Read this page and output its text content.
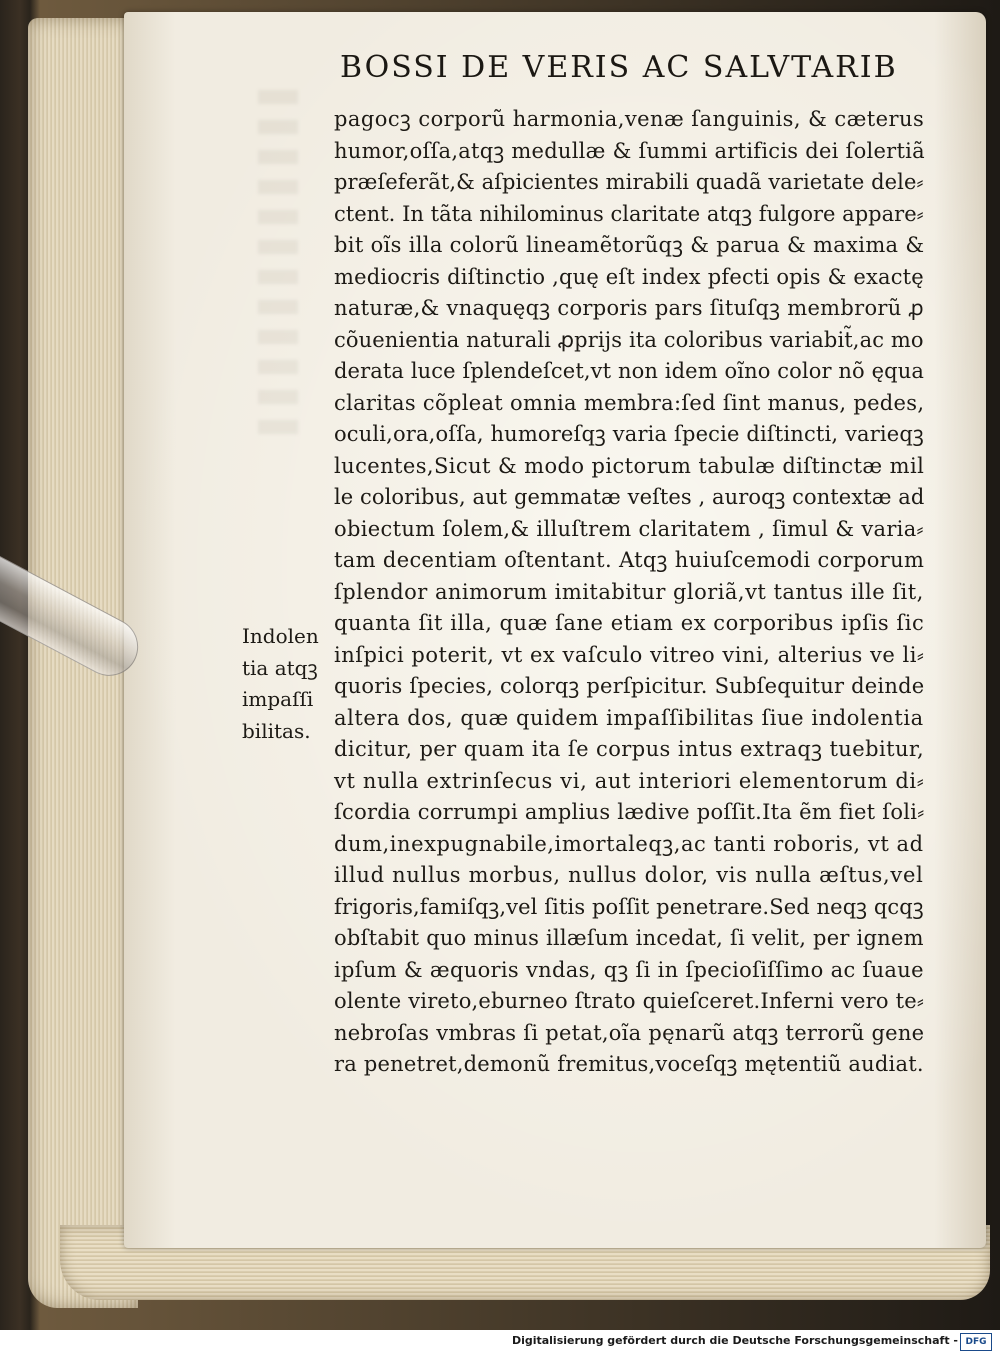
BOSSI DE VERIS AC SALVTARIB
pagocꝫ corporũ harmonia,venæ ſanguinis, & cæterus
humor,oſſa,atqꝫ medullæ & ſummi artificis dei ſolertiã
præſeferãt,& aſpicientes mirabili quadã varietate dele⸗
ctent. In tãta nihilominus claritate atqꝫ fulgore appare⸗
bit oĩs illa colorũ lineamẽtorũqꝫ & parua & maxima &
mediocris diſtinctio ,quę eſt index pfecti opis & exactę
naturæ,& vnaquęqꝫ corporis pars ſituſqꝫ membrorũ ꝓ
cõuenientia naturali ꝓprijs ita coloribus variabit̃,ac mo
derata luce ſplendeſcet,vt non idem oĩno color nõ ęqua
claritas cõpleat omnia membra:ſed ſint manus, pedes,
oculi,ora,oſſa, humoreſqꝫ varia ſpecie diſtincti, varieqꝫ
lucentes,Sicut & modo pictorum tabulæ diſtinctæ mil
le coloribus, aut gemmatæ veſtes , auroqꝫ contextæ ad
obiectum ſolem,& illuſtrem claritatem , ſimul & varia⸗
tam decentiam oſtentant. Atqꝫ huiuſcemodi corporum
ſplendor animorum imitabitur gloriã,vt tantus ille ſit,
quanta ſit illa, quæ ſane etiam ex corporibus ipſis ſic
inſpici poterit, vt ex vaſculo vitreo vini, alterius ve li⸗
quoris ſpecies, colorqꝫ perſpicitur. Subſequitur deinde
altera dos, quæ quidem impaſſibilitas ſiue indolentia
dicitur, per quam ita ſe corpus intus extraqꝫ tuebitur,
vt nulla extrinſecus vi, aut interiori elementorum di⸗
ſcordia corrumpi amplius lædive poſſit.Ita ẽm fiet ſoli⸗
dum,inexpugnabile,imortaleqꝫ,ac tanti roboris, vt ad
illud nullus morbus, nullus dolor, vis nulla æſtus,vel
frigoris,famiſqꝫ,vel ſitis poſſit penetrare.Sed neqꝫ qcqꝫ
obſtabit quo minus illæſum incedat, ſi velit, per ignem
ipſum & æquoris vndas, qꝫ ſi in ſpecioſiſſimo ac ſuaue
olente vireto,eburneo ſtrato quieſceret.Inferni vero te⸗
nebroſas vmbras ſi petat,oĩa pęnarũ atqꝫ terrorũ gene
ra penetret,demonũ fremitus,voceſqꝫ mętentiũ audiat.
Indolen
tia atqꝫ
impaſſi
bilitas.
Digitalisierung gefördert durch die Deutsche Forschungsgemeinschaft - DFG
